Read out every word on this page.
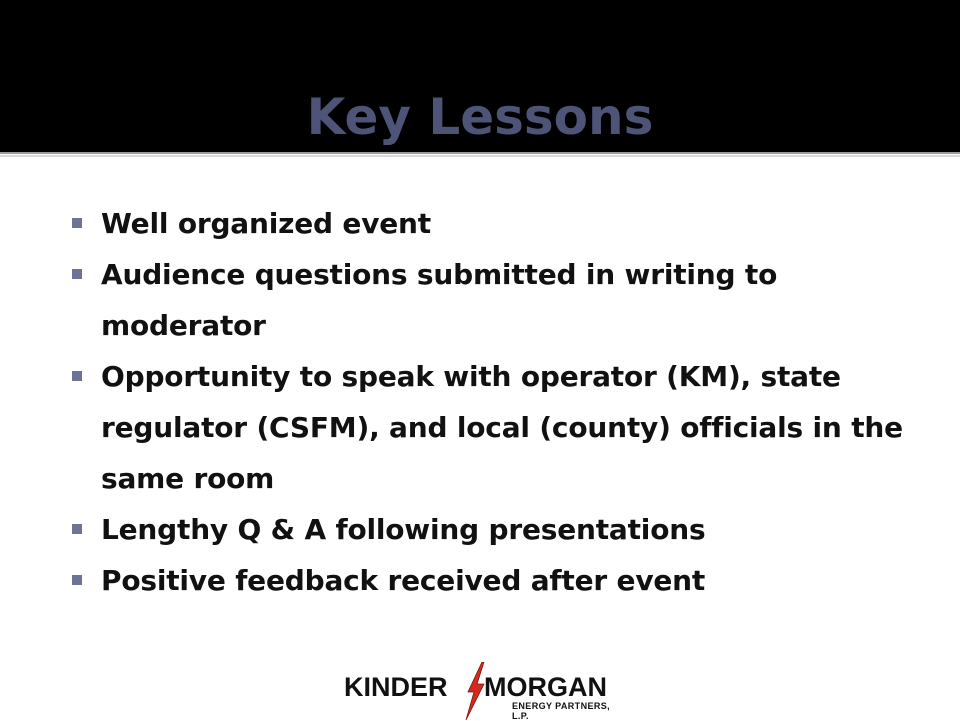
Key Lessons
Well organized event
Audience questions submitted in writing to moderator
Opportunity to speak with operator (KM), state regulator (CSFM), and local (county) officials in the same room
Lengthy Q & A following presentations
Positive feedback received after event
KINDER MORGAN
ENERGY PARTNERS, L.P.
